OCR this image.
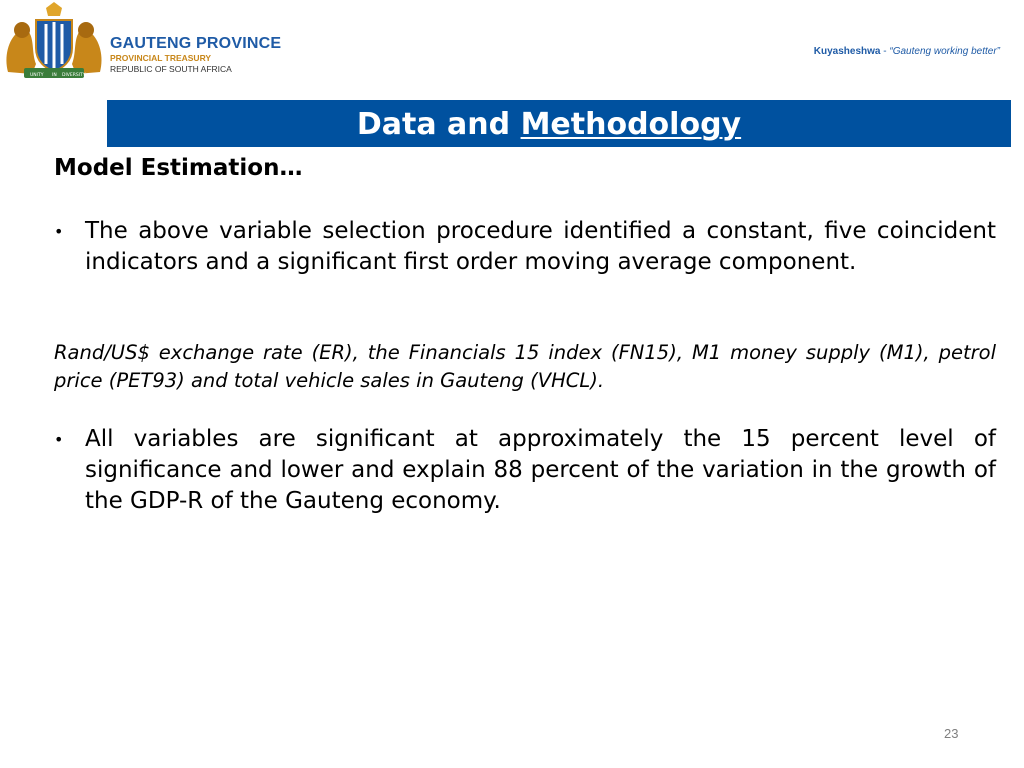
UNITY IN DIVERSITY
GAUTENG PROVINCE
PROVINCIAL TREASURY
REPUBLIC OF SOUTH AFRICA
Kuyasheshwa - “Gauteng working better”
Data and Methodology
Model Estimation…
• The above variable selection procedure identified a constant, five coincident indicators and a significant first order moving average component.
Rand/US$ exchange rate (ER), the Financials 15 index (FN15), M1 money supply (M1), petrol price (PET93) and total vehicle sales in Gauteng (VHCL).
• All variables are significant at approximately the 15 percent level of significance and lower and explain 88 percent of the variation in the growth of the GDP-R of the Gauteng economy.
23
